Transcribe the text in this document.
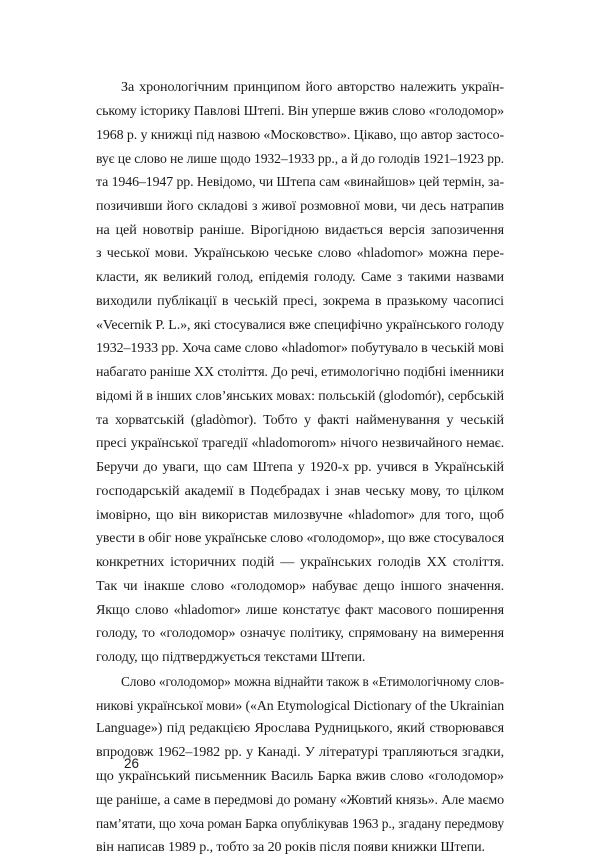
За хронологічним принципом його авторство належить україн-
ському історику Павлові Штепі. Він уперше вжив слово «голодомор»
1968 р. у книжці під назвою «Московство». Цікаво, що автор застосо-
вує це слово не лише щодо 1932–1933 рр., а й до голодів 1921–1923 рр.
та 1946–1947 рр. Невідомо, чи Штепа сам «винайшов» цей термін, за-
позичивши його складові з живої розмовної мови, чи десь натрапив
на цей новотвір раніше. Вірогідною видається версія запозичення
з чеської мови. Українською чеське слово «hladomor» можна пере-
класти, як великий голод, епідемія голоду. Саме з такими назвами
виходили публікації в чеській пресі, зокрема в празькому часописі
«Vecernik P. L.», які стосувалися вже специфічно українського голоду
1932–1933 рр. Хоча саме слово «hladomor» побутувало в чеській мові
набагато раніше XX століття. До речі, етимологічно подібні іменники
відомі й в інших слов’янських мовах: польській (glodomór), сербській
та хорватській (gladòmor). Тобто у факті найменування у чеській
пресі української трагедії «hladomorom» нічого незвичайного немає.
Беручи до уваги, що сам Штепа у 1920-х рр. учився в Українській
господарській академії в Подєбрадах і знав чеську мову, то цілком
імовірно, що він використав милозвучне «hladomor» для того, щоб
увести в обіг нове українське слово «голодомор», що вже стосувалося
конкретних історичних подій — українських голодів XX століття.
Так чи інакше слово «голодомор» набуває дещо іншого значення.
Якщо слово «hladomor» лише констатує факт масового поширення
голоду, то «голодомор» означує політику, спрямовану на вимерення
голоду, що підтверджується текстами Штепи.
Слово «голодомор» можна віднайти також в «Етимологічному слов-
никові української мови» («An Etymological Dictionary of the Ukrainian
Language») під редакцією Ярослава Рудницького, який створювався
впродовж 1962–1982 рр. у Канаді. У літературі трапляються згадки,
що український письменник Василь Барка вжив слово «голодомор»
ще раніше, а саме в передмові до роману «Жовтий князь». Але маємо
пам’ятати, що хоча роман Барка опублікував 1963 р., згадану передмову
він написав 1989 р., тобто за 20 років після появи книжки Штепи.
26
